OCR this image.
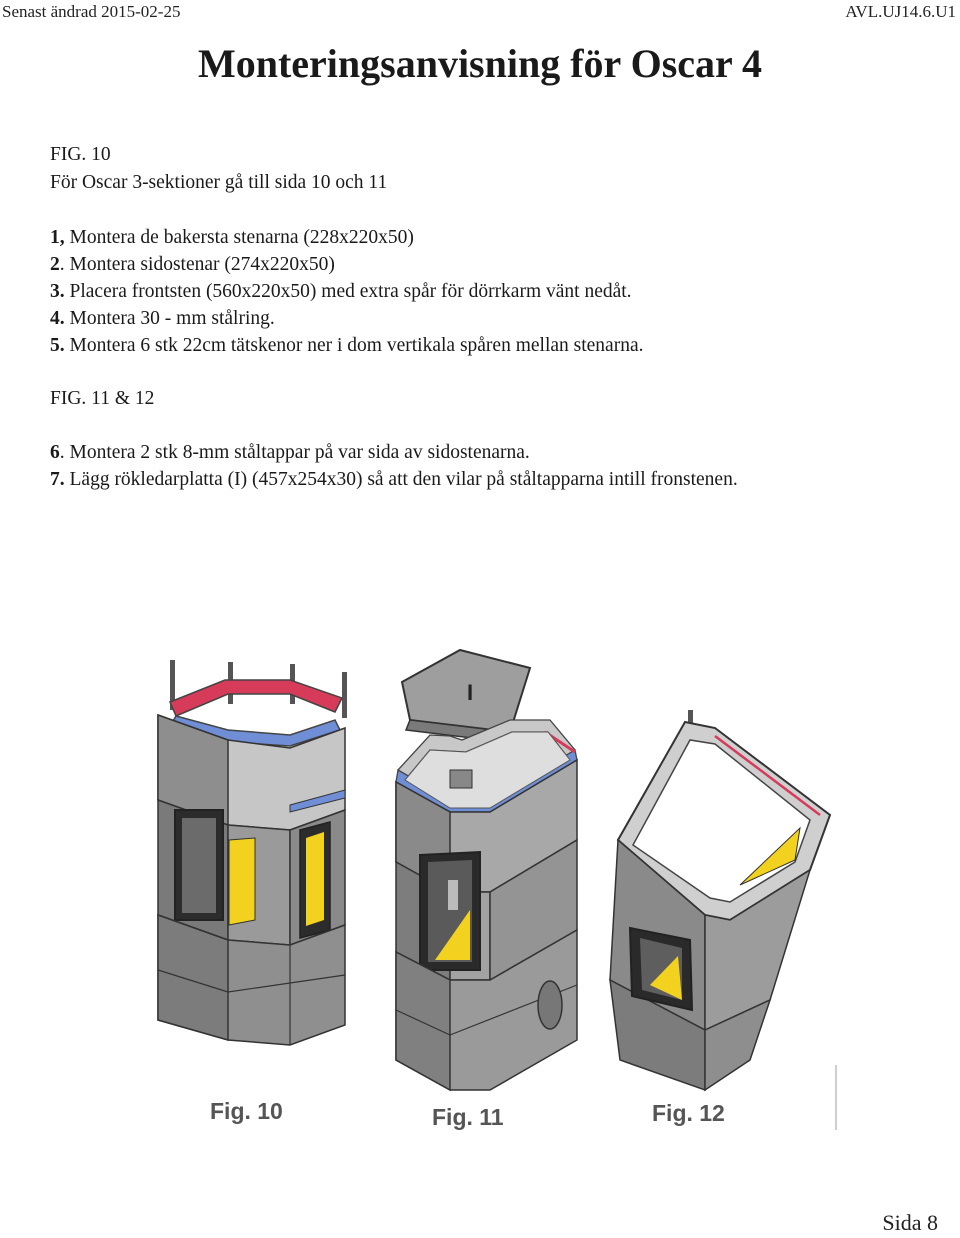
Senast ändrad 2015-02-25	AVL.UJ14.6.U1
Monteringsanvisning för Oscar 4
FIG. 10
För Oscar 3-sektioner gå till sida 10 och 11
1, Montera de bakersta stenarna (228x220x50)
2. Montera sidostenar (274x220x50)
3. Placera frontsten (560x220x50) med extra spår för dörrkarm vänt nedåt.
4. Montera 30 - mm stålring.
5. Montera 6 stk 22cm tätskenor ner i dom vertikala spåren mellan stenarna.
FIG. 11 & 12
6. Montera 2 stk 8-mm ståltappar på var sida av sidostenarna.
7. Lägg rökledarplatta (I) (457x254x30) så att den vilar på ståltapparna intill fronstenen.
I
Fig. 10	Fig. 11	Fig. 12
Sida 8
